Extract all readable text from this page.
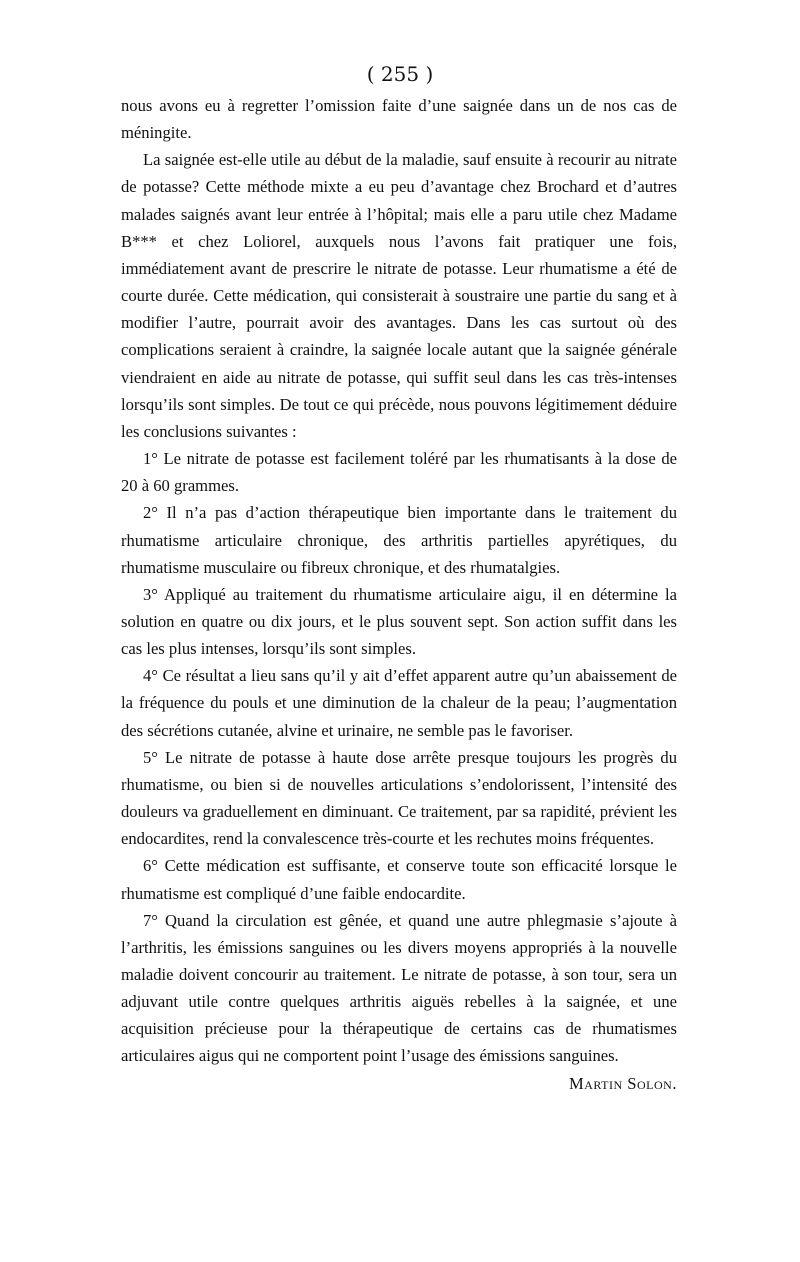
( 255 )

nous avons eu à regretter l’omission faite d’une saignée dans un de nos cas de méningite.

La saignée est-elle utile au début de la maladie, sauf ensuite à recourir au nitrate de potasse? Cette méthode mixte a eu peu d’avantage chez Brochard et d’autres malades saignés avant leur entrée à l’hôpital; mais elle a paru utile chez Madame B*** et chez Loliorel, auxquels nous l’avons fait pratiquer une fois, immédiatement avant de prescrire le nitrate de potasse. Leur rhumatisme a été de courte durée. Cette médication, qui consisterait à soustraire une partie du sang et à modifier l’autre, pourrait avoir des avantages. Dans les cas surtout où des complications seraient à craindre, la saignée locale autant que la saignée générale viendraient en aide au nitrate de potasse, qui suffit seul dans les cas très-intenses lorsqu’ils sont simples. De tout ce qui précède, nous pouvons légitimement déduire les conclusions suivantes :

1° Le nitrate de potasse est facilement toléré par les rhumatisants à la dose de 20 à 60 grammes.

2° Il n’a pas d’action thérapeutique bien importante dans le traitement du rhumatisme articulaire chronique, des arthritis partielles apyrétiques, du rhumatisme musculaire ou fibreux chronique, et des rhumatalgies.

3° Appliqué au traitement du rhumatisme articulaire aigu, il en détermine la solution en quatre ou dix jours, et le plus souvent sept. Son action suffit dans les cas les plus intenses, lorsqu’ils sont simples.

4° Ce résultat a lieu sans qu’il y ait d’effet apparent autre qu’un abaissement de la fréquence du pouls et une diminution de la chaleur de la peau; l’augmentation des sécrétions cutanée, alvine et urinaire, ne semble pas le favoriser.

5° Le nitrate de potasse à haute dose arrête presque toujours les progrès du rhumatisme, ou bien si de nouvelles articulations s’endolorissent, l’intensité des douleurs va graduellement en diminuant. Ce traitement, par sa rapidité, prévient les endocardites, rend la convalescence très-courte et les rechutes moins fréquentes.

6° Cette médication est suffisante, et conserve toute son efficacité lorsque le rhumatisme est compliqué d’une faible endocardite.

7° Quand la circulation est gênée, et quand une autre phlegmasie s’ajoute à l’arthritis, les émissions sanguines ou les divers moyens appropriés à la nouvelle maladie doivent concourir au traitement. Le nitrate de potasse, à son tour, sera un adjuvant utile contre quelques arthritis aiguës rebelles à la saignée, et une acquisition précieuse pour la thérapeutique de certains cas de rhumatismes articulaires aigus qui ne comportent point l’usage des émissions sanguines.

Martin Solon.
